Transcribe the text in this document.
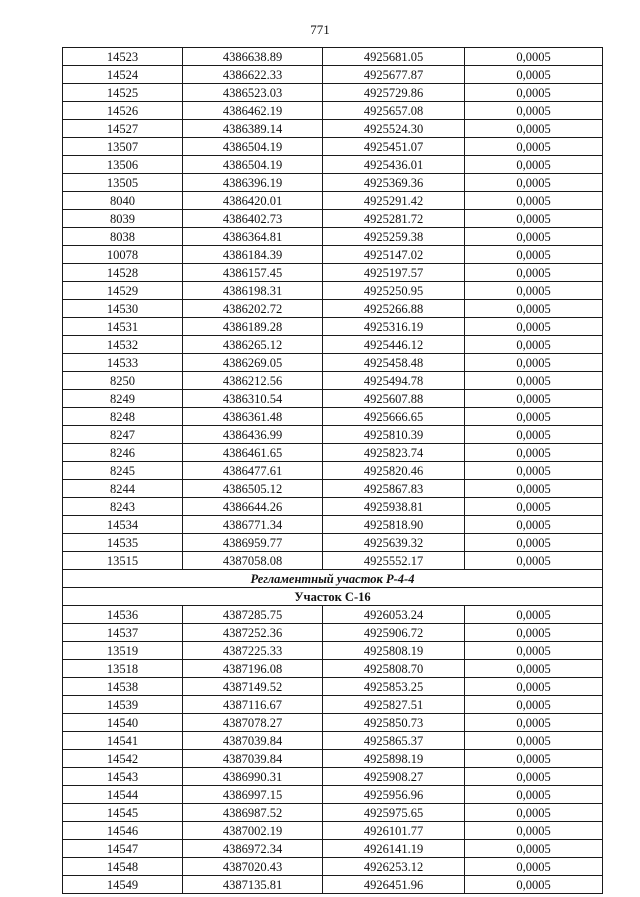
771
14523	4386638.89	4925681.05	0,0005
14524	4386622.33	4925677.87	0,0005
14525	4386523.03	4925729.86	0,0005
14526	4386462.19	4925657.08	0,0005
14527	4386389.14	4925524.30	0,0005
13507	4386504.19	4925451.07	0,0005
13506	4386504.19	4925436.01	0,0005
13505	4386396.19	4925369.36	0,0005
8040	4386420.01	4925291.42	0,0005
8039	4386402.73	4925281.72	0,0005
8038	4386364.81	4925259.38	0,0005
10078	4386184.39	4925147.02	0,0005
14528	4386157.45	4925197.57	0,0005
14529	4386198.31	4925250.95	0,0005
14530	4386202.72	4925266.88	0,0005
14531	4386189.28	4925316.19	0,0005
14532	4386265.12	4925446.12	0,0005
14533	4386269.05	4925458.48	0,0005
8250	4386212.56	4925494.78	0,0005
8249	4386310.54	4925607.88	0,0005
8248	4386361.48	4925666.65	0,0005
8247	4386436.99	4925810.39	0,0005
8246	4386461.65	4925823.74	0,0005
8245	4386477.61	4925820.46	0,0005
8244	4386505.12	4925867.83	0,0005
8243	4386644.26	4925938.81	0,0005
14534	4386771.34	4925818.90	0,0005
14535	4386959.77	4925639.32	0,0005
13515	4387058.08	4925552.17	0,0005
Регламентный участок Р-4-4			
Участок С-16			
14536	4387285.75	4926053.24	0,0005
14537	4387252.36	4925906.72	0,0005
13519	4387225.33	4925808.19	0,0005
13518	4387196.08	4925808.70	0,0005
14538	4387149.52	4925853.25	0,0005
14539	4387116.67	4925827.51	0,0005
14540	4387078.27	4925850.73	0,0005
14541	4387039.84	4925865.37	0,0005
14542	4387039.84	4925898.19	0,0005
14543	4386990.31	4925908.27	0,0005
14544	4386997.15	4925956.96	0,0005
14545	4386987.52	4925975.65	0,0005
14546	4387002.19	4926101.77	0,0005
14547	4386972.34	4926141.19	0,0005
14548	4387020.43	4926253.12	0,0005
14549	4387135.81	4926451.96	0,0005
